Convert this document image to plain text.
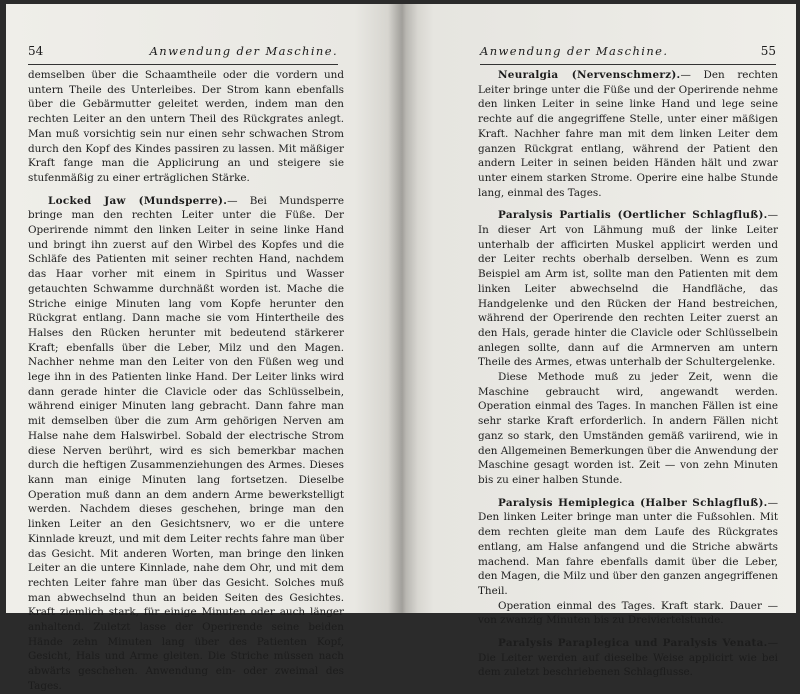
54	Anwendung der Maschine.

demselben über die Schaamtheile oder die vordern und untern Theile des Unterleibes. Der Strom kann ebenfalls über die Gebärmutter geleitet werden, indem man den rechten Leiter an den untern Theil des Rückgrates anlegt. Man muß vorsichtig sein nur einen sehr schwachen Strom durch den Kopf des Kindes passiren zu lassen. Mit mäßiger Kraft fange man die Applicirung an und steigere sie stufenmäßig zu einer erträglichen Stärke.

Locked Jaw (Mundsperre).— Bei Mundsperre bringe man den rechten Leiter unter die Füße. Der Operirende nimmt den linken Leiter in seine linke Hand und bringt ihn zuerst auf den Wirbel des Kopfes und die Schläfe des Patienten mit seiner rechten Hand, nachdem das Haar vorher mit einem in Spiritus und Wasser getauchten Schwamme durchnäßt worden ist. Mache die Striche einige Minuten lang vom Kopfe herunter den Rückgrat entlang. Dann mache sie vom Hintertheile des Halses den Rücken herunter mit bedeutend stärkerer Kraft; ebenfalls über die Leber, Milz und den Magen. Nachher nehme man den Leiter von den Füßen weg und lege ihn in des Patienten linke Hand. Der Leiter links wird dann gerade hinter die Clavicle oder das Schlüsselbein, während einiger Minuten lang gebracht. Dann fahre man mit demselben über die zum Arm gehörigen Nerven am Halse nahe dem Halswirbel. Sobald der electrische Strom diese Nerven berührt, wird es sich bemerkbar machen durch die heftigen Zusammenziehungen des Armes. Dieses kann man einige Minuten lang fortsetzen. Dieselbe Operation muß dann an dem andern Arme bewerkstelligt werden. Nachdem dieses geschehen, bringe man den linken Leiter an den Gesichtsnerv, wo er die untere Kinnlade kreuzt, und mit dem Leiter rechts fahre man über das Gesicht. Mit anderen Worten, man bringe den linken Leiter an die untere Kinnlade, nahe dem Ohr, und mit dem rechten Leiter fahre man über das Gesicht. Solches muß man abwechselnd thun an beiden Seiten des Gesichtes. Kraft ziemlich stark, für einige Minuten oder auch länger anhaltend. Zuletzt lasse der Operirende seine beiden Hände zehn Minuten lang über des Patienten Kopf, Gesicht, Hals und Arme gleiten. Die Striche müssen nach abwärts geschehen. Anwendung ein- oder zweimal des Tages.

Anwendung der Maschine.	55

Neuralgia (Nervenschmerz).— Den rechten Leiter bringe unter die Füße und der Operirende nehme den linken Leiter in seine linke Hand und lege seine rechte auf die angegriffene Stelle, unter einer mäßigen Kraft. Nachher fahre man mit dem linken Leiter dem ganzen Rückgrat entlang, während der Patient den andern Leiter in seinen beiden Händen hält und zwar unter einem starken Strome. Operire eine halbe Stunde lang, einmal des Tages.

Paralysis Partialis (Oertlicher Schlagfluß).— In dieser Art von Lähmung muß der linke Leiter unterhalb der afficirten Muskel applicirt werden und der Leiter rechts oberhalb derselben. Wenn es zum Beispiel am Arm ist, sollte man den Patienten mit dem linken Leiter abwechselnd die Handfläche, das Handgelenke und den Rücken der Hand bestreichen, während der Operirende den rechten Leiter zuerst an den Hals, gerade hinter die Clavicle oder Schlüsselbein anlegen sollte, dann auf die Armnerven am untern Theile des Armes, etwas unterhalb der Schultergelenke.

Diese Methode muß zu jeder Zeit, wenn die Maschine gebraucht wird, angewandt werden. Operation einmal des Tages. In manchen Fällen ist eine sehr starke Kraft erforderlich. In andern Fällen nicht ganz so stark, den Umständen gemäß variirend, wie in den Allgemeinen Bemerkungen über die Anwendung der Maschine gesagt worden ist. Zeit — von zehn Minuten bis zu einer halben Stunde.

Paralysis Hemiplegica (Halber Schlagfluß).— Den linken Leiter bringe man unter die Fußsohlen. Mit dem rechten gleite man dem Laufe des Rückgrates entlang, am Halse anfangend und die Striche abwärts machend. Man fahre ebenfalls damit über die Leber, den Magen, die Milz und über den ganzen angegriffenen Theil.

Operation einmal des Tages. Kraft stark. Dauer — von zwanzig Minuten bis zu Dreiviertelstunde.

Paralysis Paraplegica und Paralysis Venata.— Die Leiter werden auf dieselbe Weise applicirt wie bei dem zuletzt beschriebenen Schlagflusse.
